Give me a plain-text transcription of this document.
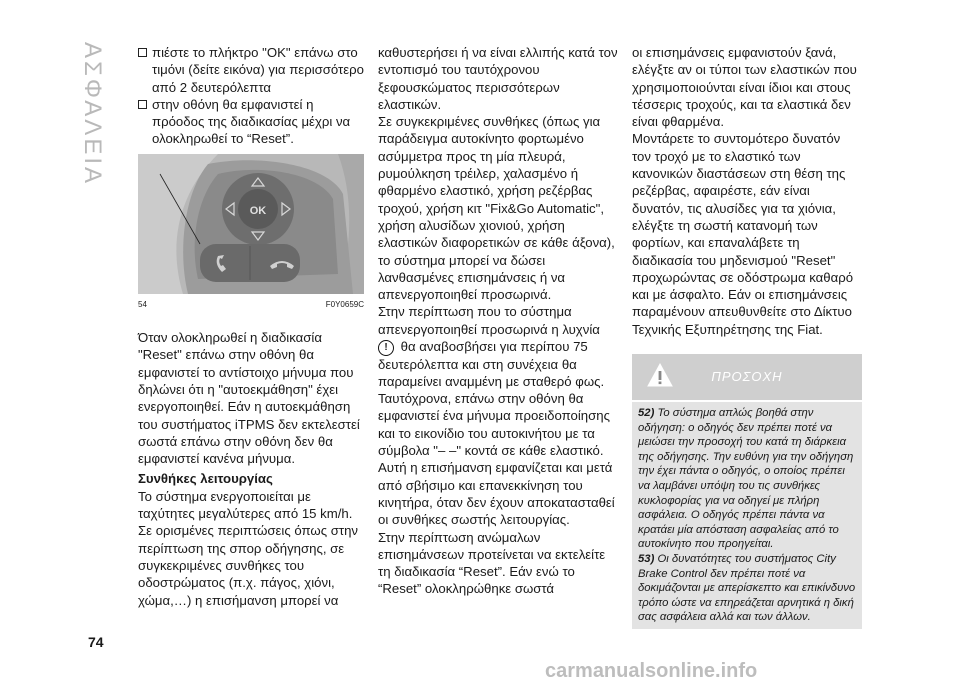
ΑΣΦΑΛΕΙΑ	πιέστε το πλήκτρο "OK" επάνω στο τιμόνι (δείτε εικόνα) για περισσότερο από 2 δευτερόλεπτα
στην οθόνη θα εμφανιστεί η πρόοδος της διαδικασίας μέχρι να ολοκληρωθεί το “Reset”.
OK
54	F0Y0659C

Όταν ολοκληρωθεί η διαδικασία "Reset" επάνω στην οθόνη θα εμφανιστεί το αντίστοιχο μήνυμα που δηλώνει ότι η "αυτοεκμάθηση" έχει ενεργοποιηθεί. Εάν η αυτοεκμάθηση του συστήματος iTPMS δεν εκτελεστεί σωστά επάνω στην οθόνη δεν θα εμφανιστεί κανένα μήνυμα.

Συνθήκες λειτουργίας

Το σύστημα ενεργοποιείται με ταχύτητες μεγαλύτερες από 15 km/h.

Σε ορισμένες περιπτώσεις όπως στην περίπτωση της σπορ οδήγησης, σε συγκεκριμένες συνθήκες του οδοστρώματος (π.χ. πάγος, χιόνι, χώμα,…) η επισήμανση μπορεί να

καθυστερήσει ή να είναι ελλιπής κατά τον εντοπισμό του ταυτόχρονου ξεφουσκώματος περισσότερων ελαστικών.

Σε συγκεκριμένες συνθήκες (όπως για παράδειγμα αυτοκίνητο φορτωμένο ασύμμετρα προς τη μία πλευρά, ρυμούλκηση τρέιλερ, χαλασμένο ή φθαρμένο ελαστικό, χρήση ρεζέρβας τροχού, χρήση κιτ "Fix&Go Automatic", χρήση αλυσίδων χιονιού, χρήση ελαστικών διαφορετικών σε κάθε άξονα), το σύστημα μπορεί να δώσει λανθασμένες επισημάνσεις ή να απενεργοποιηθεί προσωρινά.

Στην περίπτωση που το σύστημα απενεργοποιηθεί προσωρινά η λυχνία ! θα αναβοσβήσει για περίπου 75 δευτερόλεπτα και στη συνέχεια θα παραμείνει αναμμένη με σταθερό φως. Ταυτόχρονα, επάνω στην οθόνη θα εμφανιστεί ένα μήνυμα προειδοποίησης και το εικονίδιο του αυτοκινήτου με τα σύμβολα "– –" κοντά σε κάθε ελαστικό.

Αυτή η επισήμανση εμφανίζεται και μετά από σβήσιμο και επανεκκίνηση του κινητήρα, όταν δεν έχουν αποκατασταθεί οι συνθήκες σωστής λειτουργίας.

Στην περίπτωση ανώμαλων επισημάνσεων προτείνεται να εκτελείτε τη διαδικασία “Reset”. Εάν ενώ το “Reset” ολοκληρώθηκε σωστά

οι επισημάνσεις εμφανιστούν ξανά, ελέγξτε αν οι τύποι των ελαστικών που χρησιμοποιούνται είναι ίδιοι και στους τέσσερις τροχούς, και τα ελαστικά δεν είναι φθαρμένα.

Μοντάρετε το συντομότερο δυνατόν τον τροχό με το ελαστικό των κανονικών διαστάσεων στη θέση της ρεζέρβας, αφαιρέστε, εάν είναι δυνατόν, τις αλυσίδες για τα χιόνια, ελέγξτε τη σωστή κατανομή των φορτίων, και επαναλάβετε τη διαδικασία του μηδενισμού "Reset" προχωρώντας σε οδόστρωμα καθαρό και με άσφαλτο. Εάν οι επισημάνσεις παραμένουν απευθυνθείτε στο Δίκτυο Τεχνικής Εξυπηρέτησης της Fiat.

ΠΡΟΣΟΧΗ

52) Το σύστημα απλώς βοηθά στην οδήγηση: ο οδηγός δεν πρέπει ποτέ να μειώσει την προσοχή του κατά τη διάρκεια της οδήγησης. Την ευθύνη για την οδήγηση την έχει πάντα ο οδηγός, ο οποίος πρέπει να λαμβάνει υπόψη του τις συνθήκες κυκλοφορίας για να οδηγεί με πλήρη ασφάλεια. Ο οδηγός πρέπει πάντα να κρατάει μία απόσταση ασφαλείας από το αυτοκίνητο που προηγείται.

53) Οι δυνατότητες του συστήματος City Brake Control δεν πρέπει ποτέ να δοκιμάζονται με απερίσκεπτο και επικίνδυνο τρόπο ώστε να επηρεάζεται αρνητικά η δική σας ασφάλεια αλλά και των άλλων.

74
carmanualsonline.info
